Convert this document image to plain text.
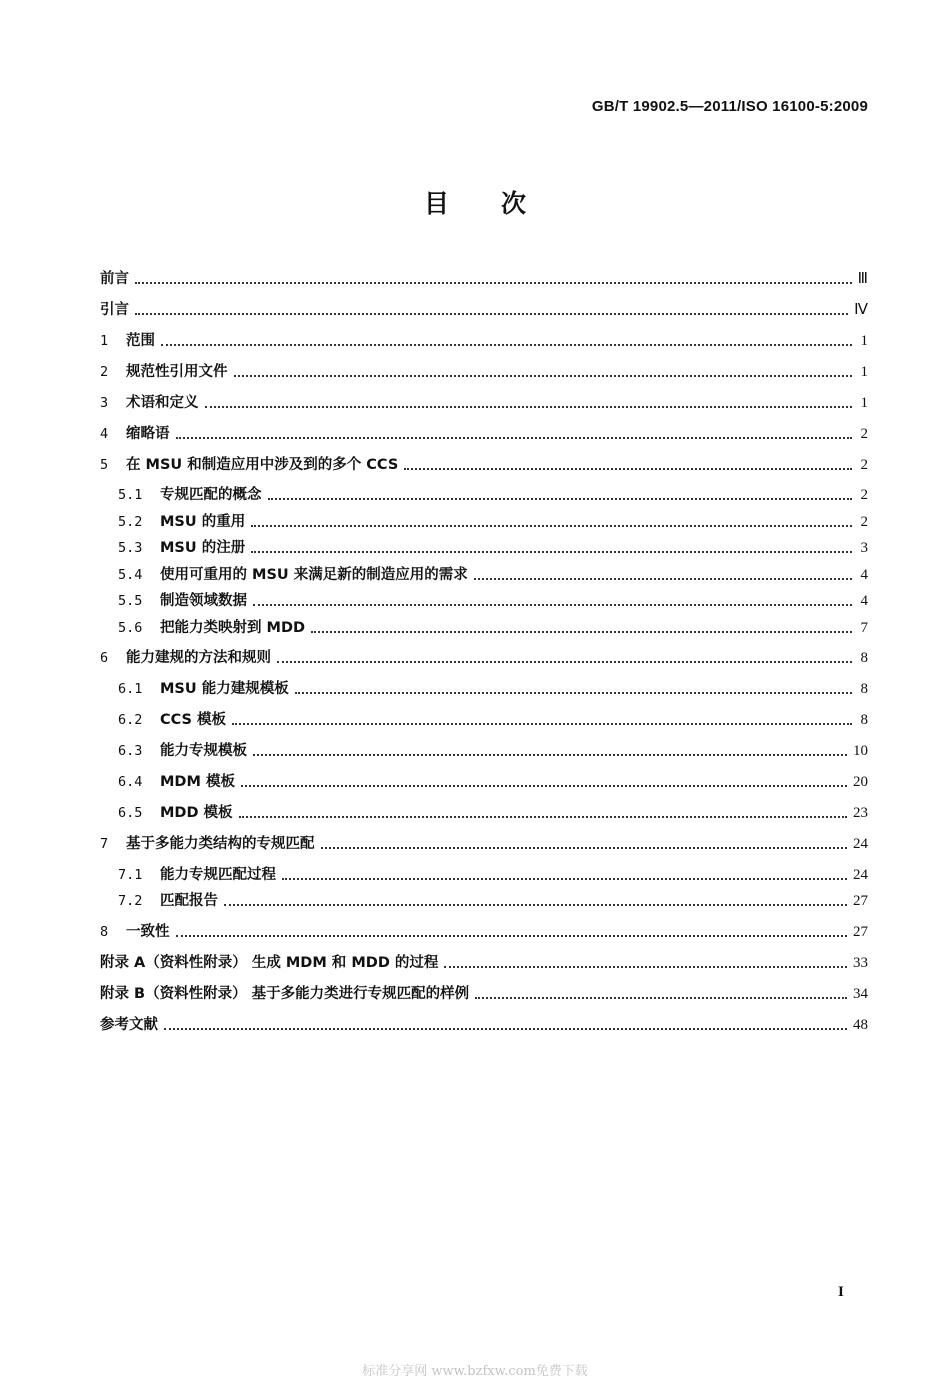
GB/T 19902.5—2011/ISO 16100-5:2009
目次
前言	Ⅲ
引言	Ⅳ
1	范围	1
2	规范性引用文件	1
3	术语和定义	1
4	缩略语	2
5	在 MSU 和制造应用中涉及到的多个 CCS	2
5.1	专规匹配的概念	2
5.2	MSU 的重用	2
5.3	MSU 的注册	3
5.4	使用可重用的 MSU 来满足新的制造应用的需求	4
5.5	制造领域数据	4
5.6	把能力类映射到 MDD	7
6	能力建规的方法和规则	8
6.1	MSU 能力建规模板	8
6.2	CCS 模板	8
6.3	能力专规模板	10
6.4	MDM 模板	20
6.5	MDD 模板	23
7	基于多能力类结构的专规匹配	24
7.1	能力专规匹配过程	24
7.2	匹配报告	27
8	一致性	27
附录 A（资料性附录） 生成 MDM 和 MDD 的过程	33
附录 B（资料性附录） 基于多能力类进行专规匹配的样例	34
参考文献	48
I
标准分享网 www.bzfxw.com免费下载
